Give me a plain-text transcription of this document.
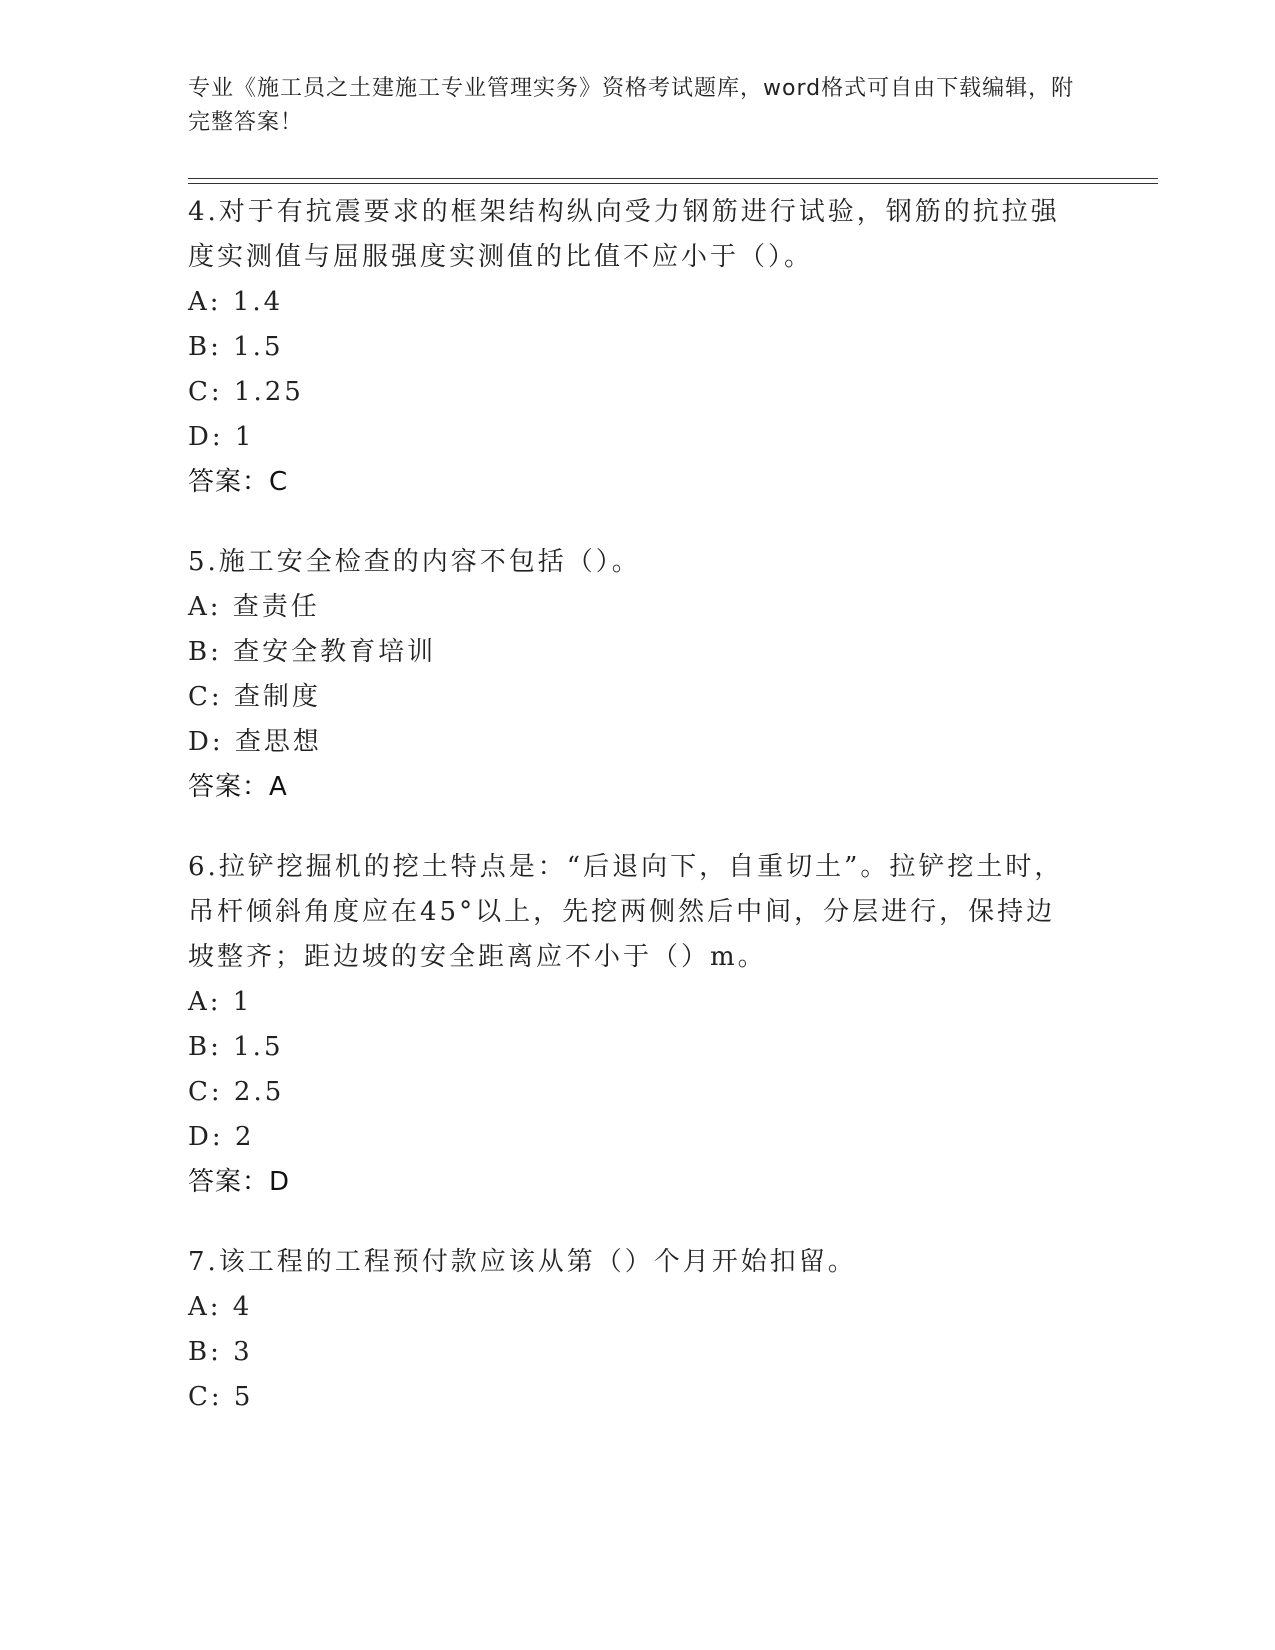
专业《施工员之土建施工专业管理实务》资格考试题库，word格式可自由下载编辑，附完整答案！

4.对于有抗震要求的框架结构纵向受力钢筋进行试验，钢筋的抗拉强度实测值与屈服强度实测值的比值不应小于（）。

A: 1.4

B: 1.5

C: 1.25

D: 1

答案：C

5.施工安全检查的内容不包括（）。

A: 查责任

B: 查安全教育培训

C: 查制度

D: 查思想

答案：A

6.拉铲挖掘机的挖土特点是：“后退向下，自重切土”。拉铲挖土时，吊杆倾斜角度应在45°以上，先挖两侧然后中间，分层进行，保持边坡整齐；距边坡的安全距离应不小于（）m。

A: 1

B: 1.5

C: 2.5

D: 2

答案：D

7.该工程的工程预付款应该从第（）个月开始扣留。

A: 4

B: 3

C: 5
